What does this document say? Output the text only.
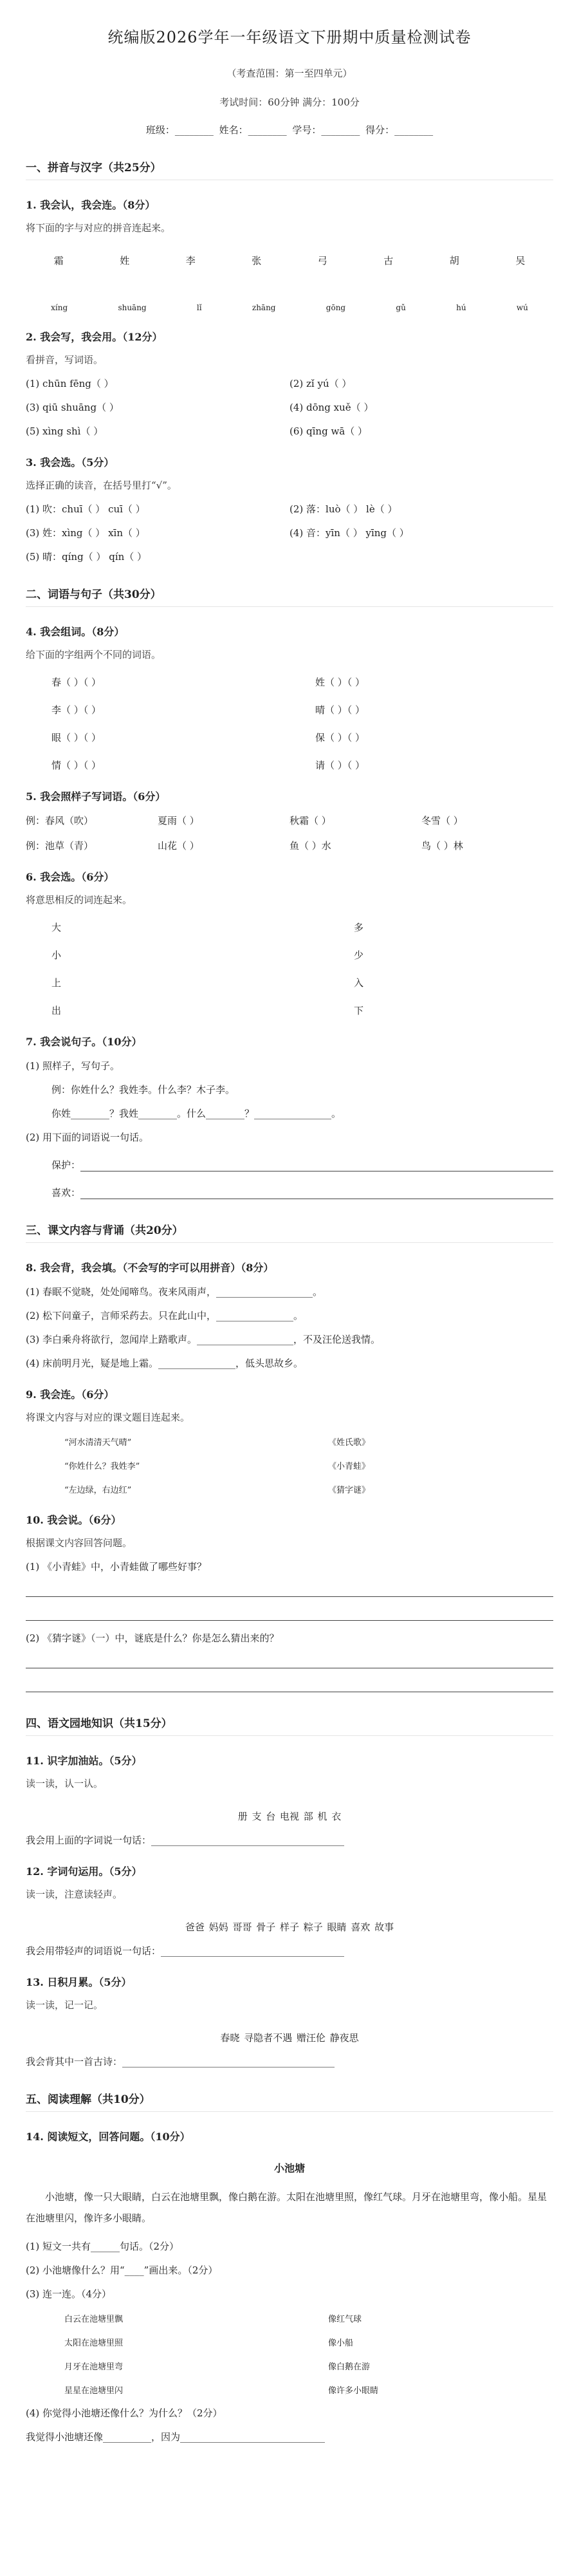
统编版2026学年一年级语文下册期中质量检测试卷
（考查范围：第一至四单元）
考试时间：60分钟 满分：100分
班级：________ 姓名：________ 学号：________ 得分：________
一、拼音与汉字（共25分）
1. 我会认，我会连。（8分）
将下面的字与对应的拼音连起来。
霜	姓	李	张	弓	古	胡	吴
xíng	shuāng	lǐ	zhāng	gōng	gǔ	hú	wú
2. 我会写，我会用。（12分）
看拼音，写词语。
(1) chūn fēng（ ）	(2) zǐ yú（ ）
(3) qiū shuāng（ ）	(4) dōng xuě（ ）
(5) xìng shì（ ）	(6) qīng wā（ ）
3. 我会选。（5分）
选择正确的读音，在括号里打“√”。
(1) 吹：chuī（ ） cuī（ ）	(2) 落：luò（ ） lè（ ）
(3) 姓：xìng（ ） xīn（ ）	(4) 音：yīn（ ） yīng（ ）
(5) 晴：qíng（ ） qín（ ）
二、词语与句子（共30分）
4. 我会组词。（8分）
给下面的字组两个不同的词语。
春（ ）（ ）	姓（ ）（ ）
李（ ）（ ）	晴（ ）（ ）
眼（ ）（ ）	保（ ）（ ）
情（ ）（ ）	请（ ）（ ）
5. 我会照样子写词语。（6分）
例：春风（吹）	夏雨（ ）	秋霜（ ）	冬雪（ ）
例：池草（青）	山花（ ）	鱼（ ）水	鸟（ ）林
6. 我会选。（6分）
将意思相反的词连起来。
大	多
小	少
上	入
出	下
7. 我会说句子。（10分）
(1) 照样子，写句子。
例：你姓什么？我姓李。什么李？木子李。
你姓________？我姓________。什么________？________________。
(2) 用下面的词语说一句话。
保护：
喜欢：
三、课文内容与背诵（共20分）
8. 我会背，我会填。（不会写的字可以用拼音）（8分）
(1) 春眠不觉晓，处处闻啼鸟。夜来风雨声，____________________。
(2) 松下问童子，言师采药去。只在此山中，________________。
(3) 李白乘舟将欲行，忽闻岸上踏歌声。____________________，不及汪伦送我情。
(4) 床前明月光，疑是地上霜。________________，低头思故乡。
9. 我会连。（6分）
将课文内容与对应的课文题目连起来。
“河水清清天气晴”	《姓氏歌》
“你姓什么？我姓李”	《小青蛙》
“左边绿，右边红”	《猜字谜》
10. 我会说。（6分）
根据课文内容回答问题。
(1) 《小青蛙》中，小青蛙做了哪些好事？
(2) 《猜字谜》（一）中，谜底是什么？你是怎么猜出来的？
四、语文园地知识（共15分）
11. 识字加油站。（5分）
读一读，认一认。
册 支 台 电视 部 机 衣
我会用上面的字词说一句话：________________________________________
12. 字词句运用。（5分）
读一读，注意读轻声。
爸爸 妈妈 哥哥 骨子 样子 粽子 眼睛 喜欢 故事
我会用带轻声的词语说一句话：______________________________________
13. 日积月累。（5分）
读一读，记一记。
春晓 寻隐者不遇 赠汪伦 静夜思
我会背其中一首古诗：____________________________________________
五、阅读理解（共10分）
14. 阅读短文，回答问题。（10分）
小池塘
小池塘，像一只大眼睛，白云在池塘里飘，像白鹅在游。太阳在池塘里照，像红气球。月牙在池塘里弯，像小船。星星在池塘里闪，像许多小眼睛。
(1) 短文一共有______句话。（2分）
(2) 小池塘像什么？用“____”画出来。（2分）
(3) 连一连。（4分）
白云在池塘里飘	像红气球
太阳在池塘里照	像小船
月牙在池塘里弯	像白鹅在游
星星在池塘里闪	像许多小眼睛
(4) 你觉得小池塘还像什么？为什么？（2分）
我觉得小池塘还像__________，因为______________________________
